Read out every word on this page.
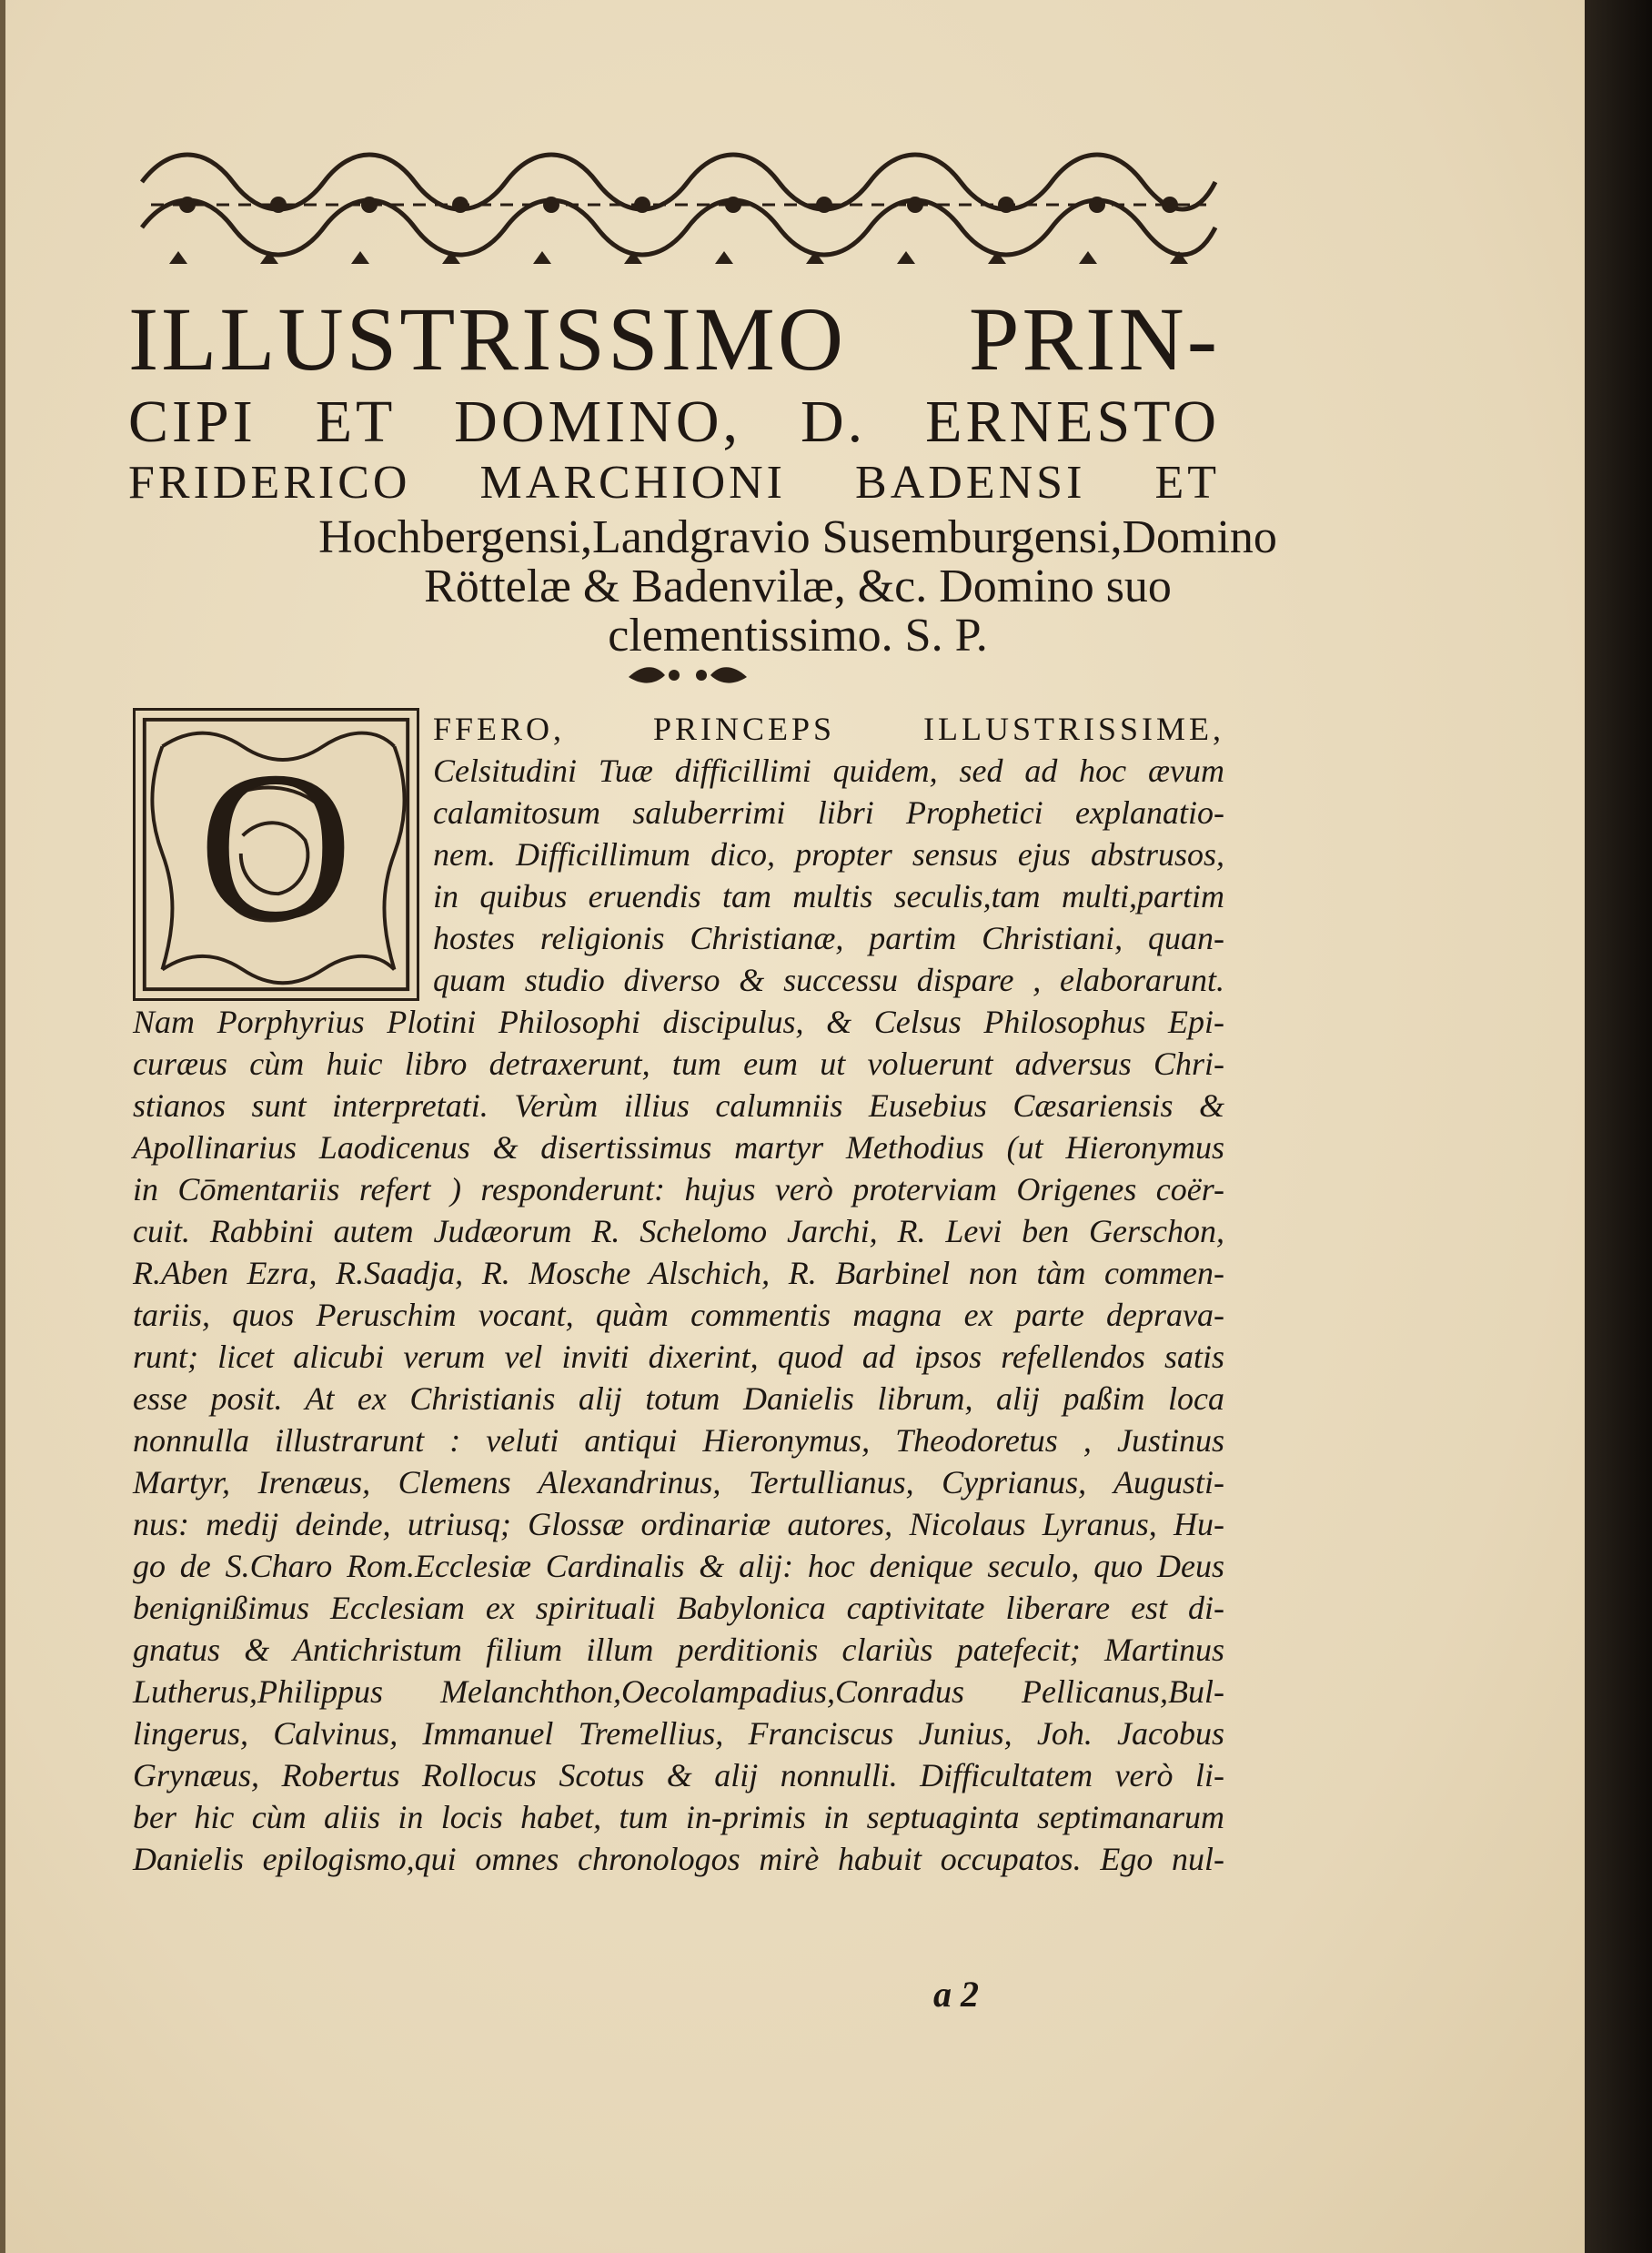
ILLUSTRISSIMO PRIN-
CIPI ET DOMINO, D. ERNESTO
FRIDERICO MARCHIONI BADENSI ET
Hochbergensi,Landgravio Susemburgensi,Domino
Röttelæ & Badenvilæ, &c. Domino suo
clementissimo. S. P.
O FFERO, PRINCEPS ILLUSTRISSIME,
Celsitudini Tuæ difficillimi quidem, sed ad hoc ævum
calamitosum saluberrimi libri Prophetici explanatio-
nem. Difficillimum dico, propter sensus ejus abstrusos,
in quibus eruendis tam multis seculis,tam multi,partim
hostes religionis Christianæ, partim Christiani, quan-
quam studio diverso & successu dispare , elaborarunt.
Nam Porphyrius Plotini Philosophi discipulus, & Celsus Philosophus Epi-
curæus cùm huic libro detraxerunt, tum eum ut voluerunt adversus Chri-
stianos sunt interpretati. Verùm illius calumniis Eusebius Cæsariensis &
Apollinarius Laodicenus & disertissimus martyr Methodius (ut Hieronymus
in Cōmentariis refert ) responderunt: hujus verò proterviam Origenes coër-
cuit. Rabbini autem Judæorum R. Schelomo Jarchi, R. Levi ben Gerschon,
R.Aben Ezra, R.Saadja, R. Mosche Alschich, R. Barbinel non tàm commen-
tariis, quos Peruschim vocant, quàm commentis magna ex parte deprava-
runt; licet alicubi verum vel inviti dixerint, quod ad ipsos refellendos satis
esse posit. At ex Christianis alij totum Danielis librum, alij paßim loca
nonnulla illustrarunt : veluti antiqui Hieronymus, Theodoretus , Justinus
Martyr, Irenæus, Clemens Alexandrinus, Tertullianus, Cyprianus, Augusti-
nus: medij deinde, utriusq; Glossæ ordinariæ autores, Nicolaus Lyranus, Hu-
go de S.Charo Rom.Ecclesiæ Cardinalis & alij: hoc denique seculo, quo Deus
benignißimus Ecclesiam ex spirituali Babylonica captivitate liberare est di-
gnatus & Antichristum filium illum perditionis clariùs patefecit; Martinus
Lutherus,Philippus Melanchthon,Oecolampadius,Conradus Pellicanus,Bul-
lingerus, Calvinus, Immanuel Tremellius, Franciscus Junius, Joh. Jacobus
Grynæus, Robertus Rollocus Scotus & alij nonnulli. Difficultatem verò li-
ber hic cùm aliis in locis habet, tum in-primis in septuaginta septimanarum
Danielis epilogismo,qui omnes chronologos mirè habuit occupatos. Ego nul-
a 2
